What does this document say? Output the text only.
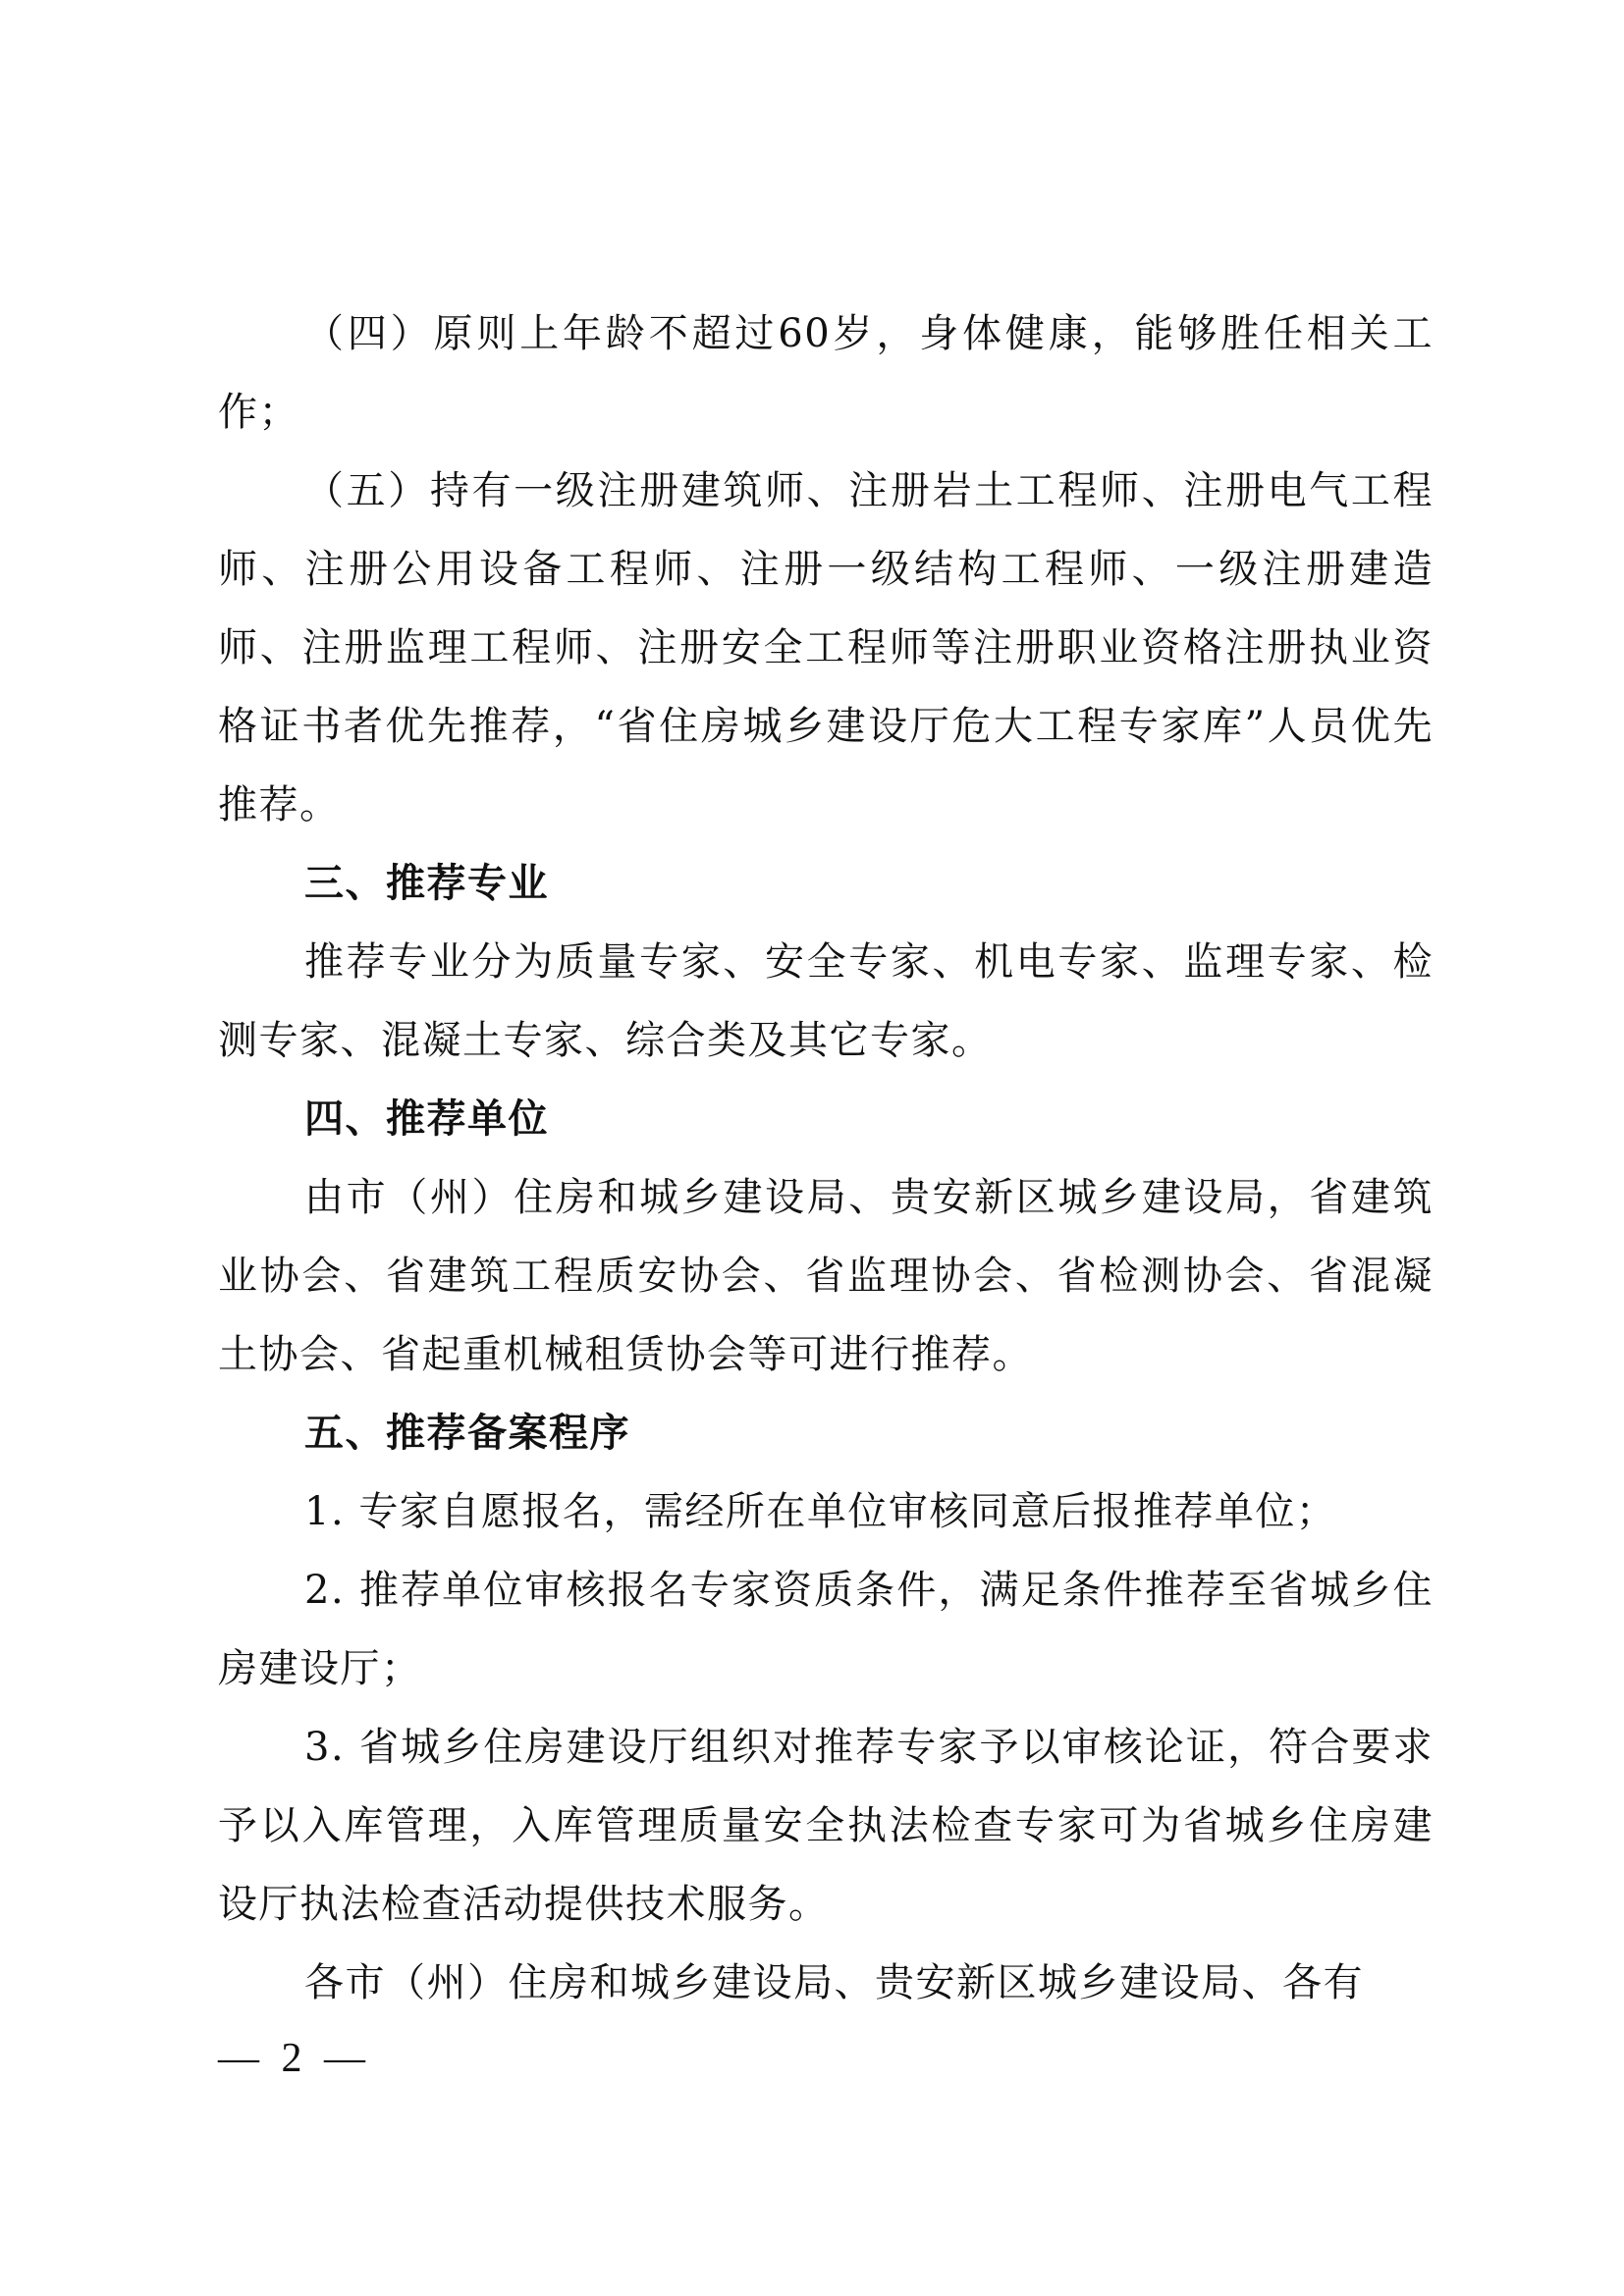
（四）原则上年龄不超过60岁，身体健康，能够胜任相关工作；

（五）持有一级注册建筑师、注册岩土工程师、注册电气工程师、注册公用设备工程师、注册一级结构工程师、一级注册建造师、注册监理工程师、注册安全工程师等注册职业资格注册执业资格证书者优先推荐，“省住房城乡建设厅危大工程专家库”人员优先推荐。

三、推荐专业

推荐专业分为质量专家、安全专家、机电专家、监理专家、检测专家、混凝土专家、综合类及其它专家。

四、推荐单位

由市（州）住房和城乡建设局、贵安新区城乡建设局，省建筑业协会、省建筑工程质安协会、省监理协会、省检测协会、省混凝土协会、省起重机械租赁协会等可进行推荐。

五、推荐备案程序

1. 专家自愿报名，需经所在单位审核同意后报推荐单位；

2. 推荐单位审核报名专家资质条件，满足条件推荐至省城乡住房建设厅；

3. 省城乡住房建设厅组织对推荐专家予以审核论证，符合要求予以入库管理，入库管理质量安全执法检查专家可为省城乡住房建设厅执法检查活动提供技术服务。

各市（州）住房和城乡建设局、贵安新区城乡建设局、各有

— 2 —
